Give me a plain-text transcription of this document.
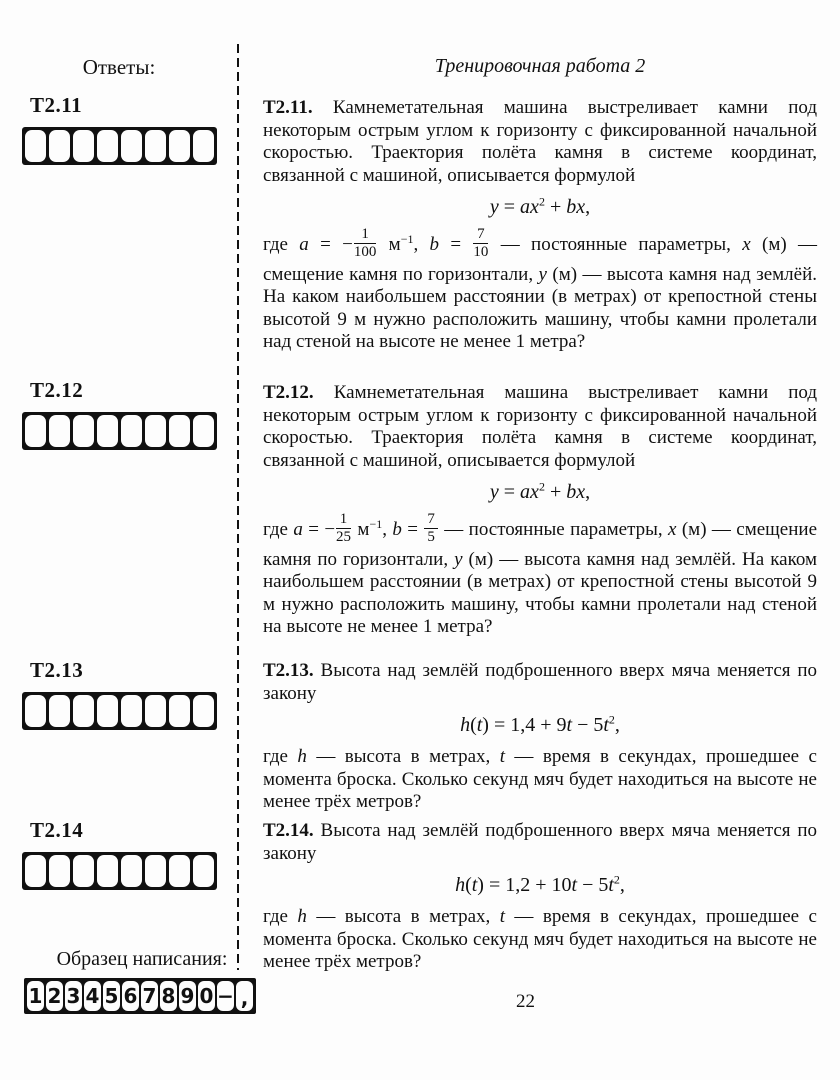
Ответы:
Т2.11
Т2.12
Т2.13
Т2.14
Образец написания:
1 2 3 4 5 6 7 8 9 0 − ,
Тренировочная работа 2

Т2.11. Камнеметательная машина выстреливает камни под некоторым острым углом к горизонту с фиксированной начальной скоростью. Траектория полёта камня в системе координат, связанной с машиной, описывается формулой

$y = ax^2$ + bx,

где a = − $\frac{1}{100} м^{-1}$, $b = \frac{7}{10}$ — постоянные параметры, x (м) — смещение камня по горизонтали, y (м) — высота камня над землёй. На каком наибольшем расстоянии (в метрах) от крепостной стены высотой 9 м нужно расположить машину, чтобы камни пролетали над стеной на высоте не менее 1 метра?

Т2.12. Камнеметательная машина выстреливает камни под некоторым острым углом к горизонту с фиксированной начальной скоростью. Траектория полёта камня в системе координат, связанной с машиной, описывается формулой

$y = ax^2$ + bx,

где a = − $\frac{1}{25} м^{-1}$, $b = \frac{7}{5}$ — постоянные параметры, x (м) — смещение камня по горизонтали, y (м) — высота камня над землёй. На каком наибольшем расстоянии (в метрах) от крепостной стены высотой 9 м нужно расположить машину, чтобы камни пролетали над стеной на высоте не менее 1 метра?

Т2.13. Высота над землёй подброшенного вверх мяча меняется по закону

$h(t) = 1,4 + 9t - 5t^2$,

где h — высота в метрах, t — время в секундах, прошедшее с момента броска. Сколько секунд мяч будет находиться на высоте не менее трёх метров?

Т2.14. Высота над землёй подброшенного вверх мяча меняется по закону

$h(t) = 1,2 + 10t - 5t^2$,

где h — высота в метрах, t — время в секундах, прошедшее с момента броска. Сколько секунд мяч будет находиться на высоте не менее трёх метров?

22
